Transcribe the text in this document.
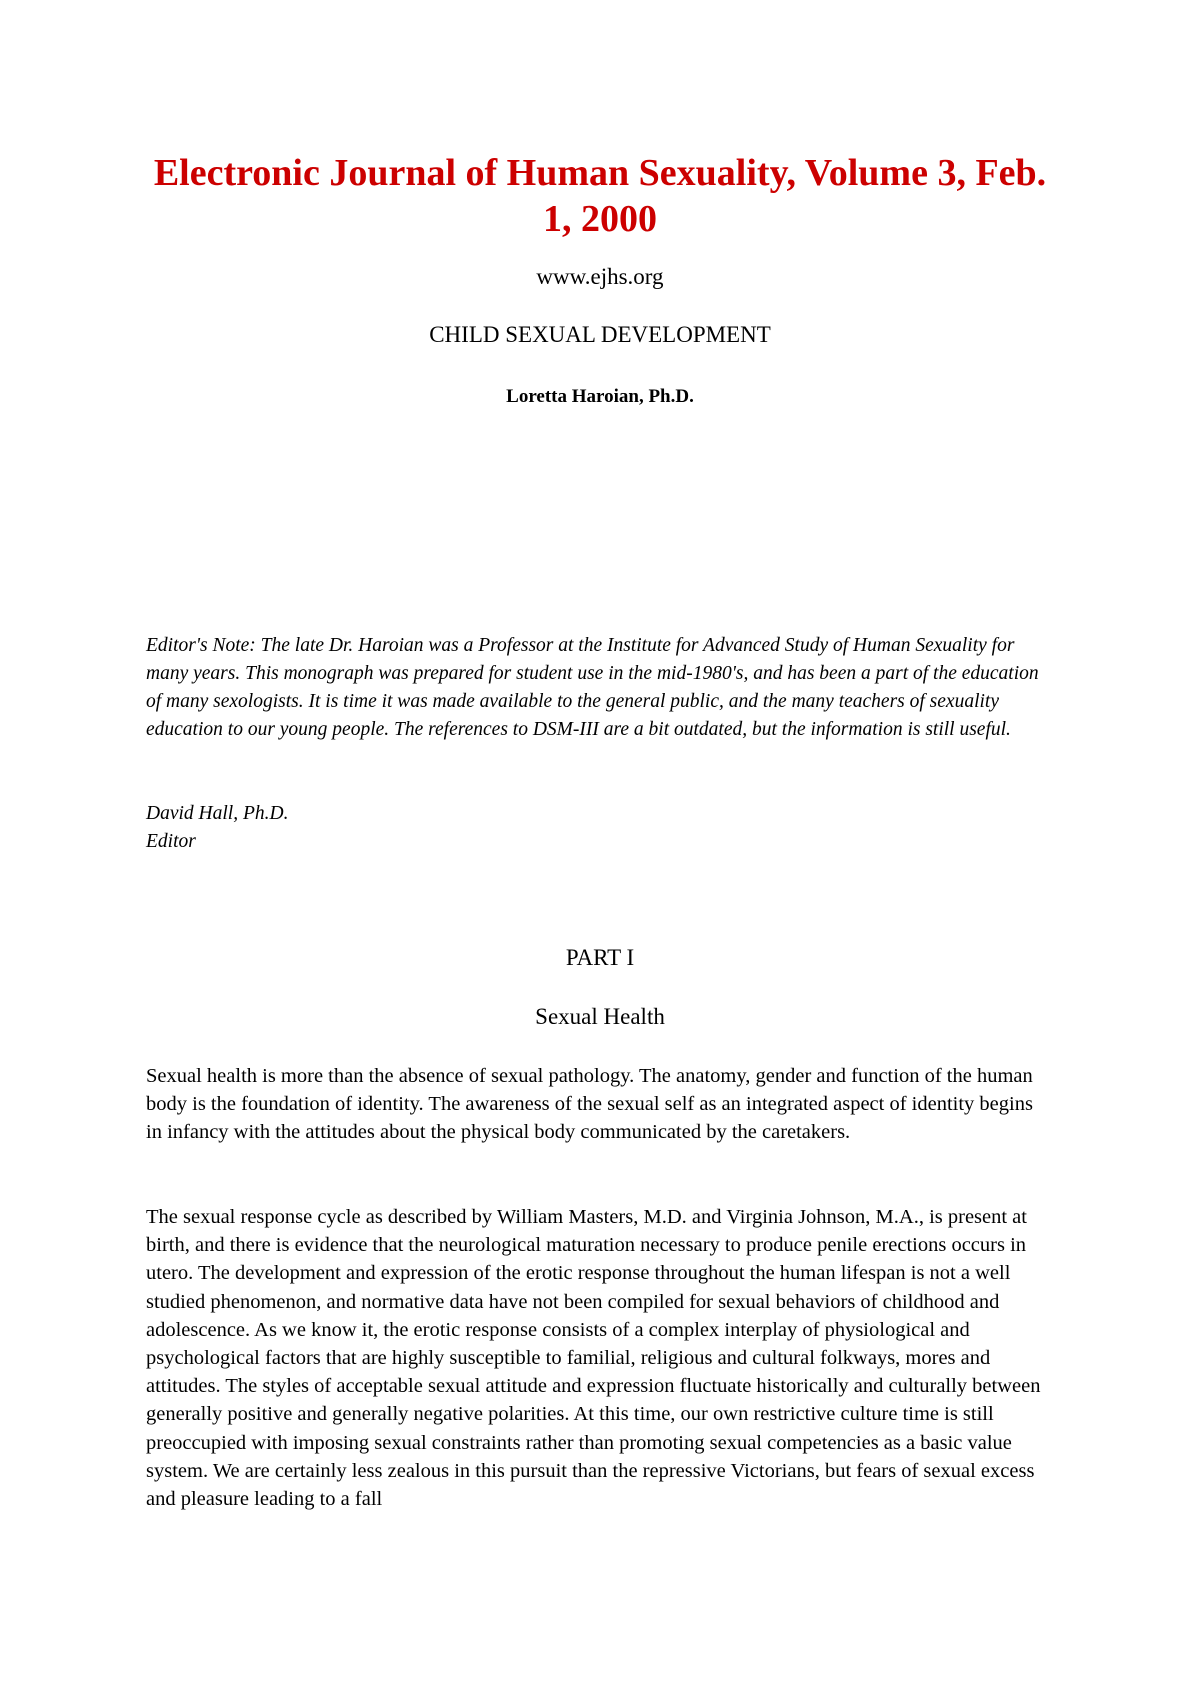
Electronic Journal of Human Sexuality, Volume 3, Feb. 1, 2000

www.ejhs.org

CHILD SEXUAL DEVELOPMENT

Loretta Haroian, Ph.D.

Editor's Note: The late Dr. Haroian was a Professor at the Institute for Advanced Study of Human Sexuality for many years. This monograph was prepared for student use in the mid-1980's, and has been a part of the education of many sexologists. It is time it was made available to the general public, and the many teachers of sexuality education to our young people. The references to DSM-III are a bit outdated, but the information is still useful.

David Hall, Ph.D.
Editor

PART I

Sexual Health

Sexual health is more than the absence of sexual pathology. The anatomy, gender and function of the human body is the foundation of identity. The awareness of the sexual self as an integrated aspect of identity begins in infancy with the attitudes about the physical body communicated by the caretakers.

The sexual response cycle as described by William Masters, M.D. and Virginia Johnson, M.A., is present at birth, and there is evidence that the neurological maturation necessary to produce penile erections occurs in utero. The development and expression of the erotic response throughout the human lifespan is not a well studied phenomenon, and normative data have not been compiled for sexual behaviors of childhood and adolescence. As we know it, the erotic response consists of a complex interplay of physiological and psychological factors that are highly susceptible to familial, religious and cultural folkways, mores and attitudes. The styles of acceptable sexual attitude and expression fluctuate historically and culturally between generally positive and generally negative polarities. At this time, our own restrictive culture time is still preoccupied with imposing sexual constraints rather than promoting sexual competencies as a basic value system. We are certainly less zealous in this pursuit than the repressive Victorians, but fears of sexual excess and pleasure leading to a fall
